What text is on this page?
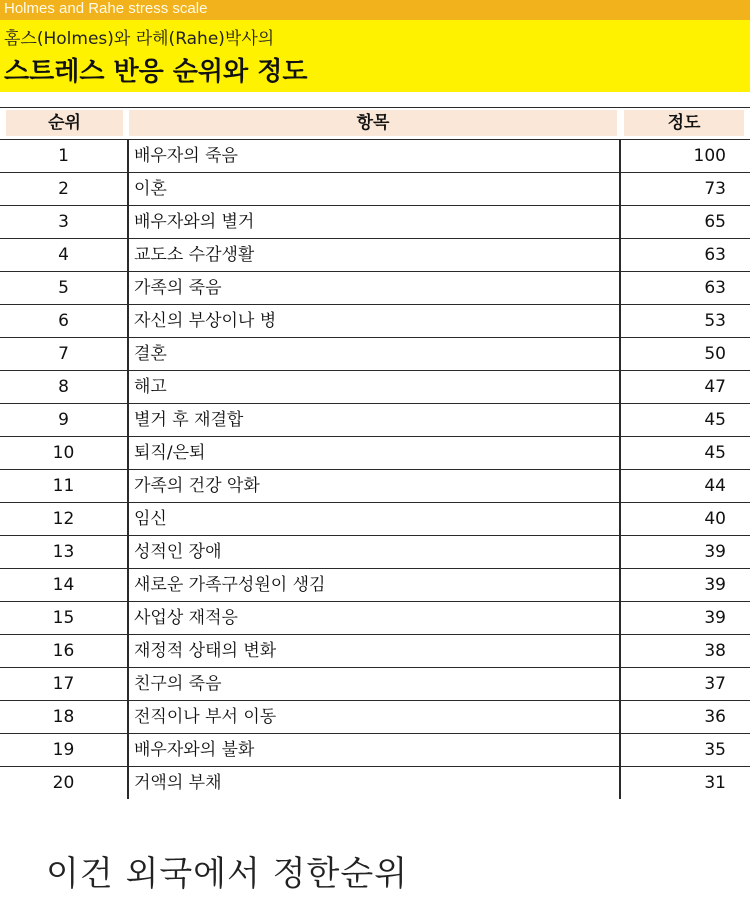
Holmes and Rahe stress scale
홈스(Holmes)와 라헤(Rahe)박사의
스트레스 반응 순위와 정도
순위	항목	정도
1	배우자의 죽음	100
2	이혼	73
3	배우자와의 별거	65
4	교도소 수감생활	63
5	가족의 죽음	63
6	자신의 부상이나 병	53
7	결혼	50
8	해고	47
9	별거 후 재결합	45
10	퇴직/은퇴	45
11	가족의 건강 악화	44
12	임신	40
13	성적인 장애	39
14	새로운 가족구성원이 생김	39
15	사업상 재적응	39
16	재정적 상태의 변화	38
17	친구의 죽음	37
18	전직이나 부서 이동	36
19	배우자와의 불화	35
20	거액의 부채	31
이건 외국에서 정한순위
